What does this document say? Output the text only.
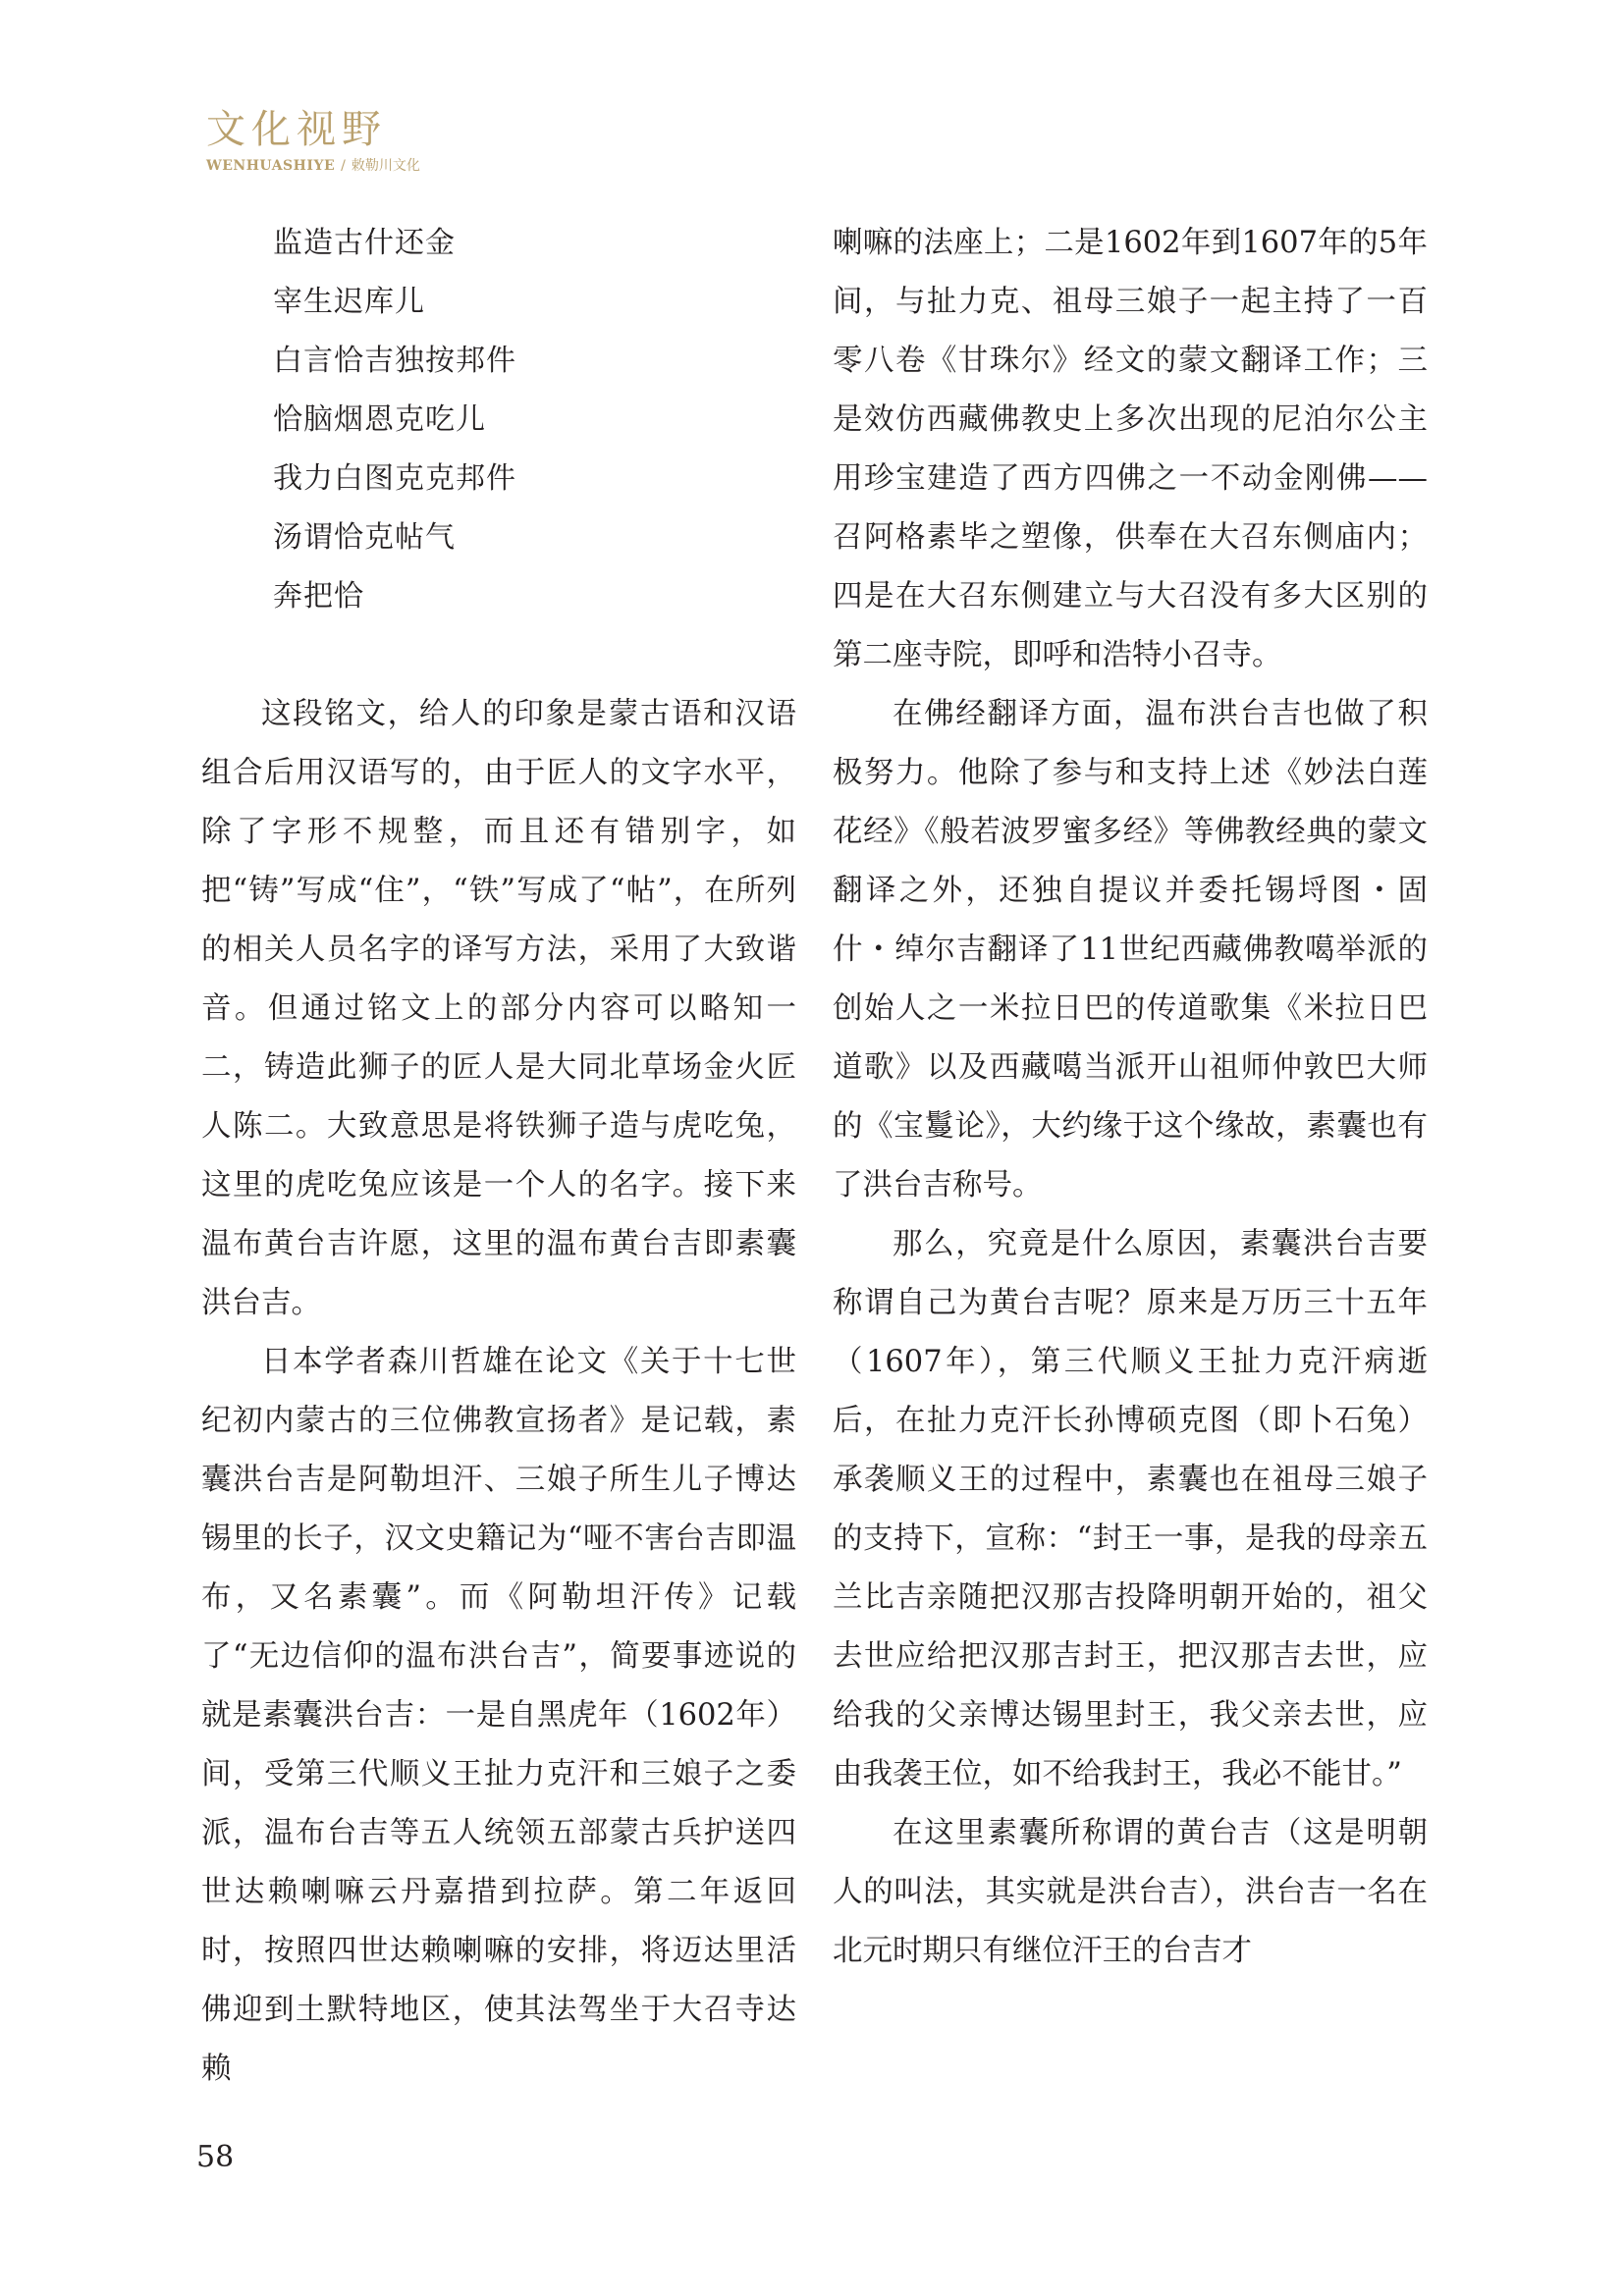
文化视野
WENHUASHIYE / 敕勒川文化

监造古什还金

宰生迟库儿

白言恰吉独按邦件

恰脑烟恩克吃儿

我力白图克克邦件

汤谓恰克帖气

奔把恰

这段铭文，给人的印象是蒙古语和汉语组合后用汉语写的，由于匠人的文字水平，除了字形不规整，而且还有错别字，如把“铸”写成“住”，“铁”写成了“帖”，在所列的相关人员名字的译写方法，采用了大致谐音。但通过铭文上的部分内容可以略知一二，铸造此狮子的匠人是大同北草场金火匠人陈二。大致意思是将铁狮子造与虎吃兔，这里的虎吃兔应该是一个人的名字。接下来温布黄台吉许愿，这里的温布黄台吉即素囊洪台吉。

日本学者森川哲雄在论文《关于十七世纪初内蒙古的三位佛教宣扬者》是记载，素囊洪台吉是阿勒坦汗、三娘子所生儿子博达锡里的长子，汉文史籍记为“哑不害台吉即温布，又名素囊”。而《阿勒坦汗传》记载了“无边信仰的温布洪台吉”，简要事迹说的就是素囊洪台吉：一是自黑虎年（1602年）间，受第三代顺义王扯力克汗和三娘子之委派，温布台吉等五人统领五部蒙古兵护送四世达赖喇嘛云丹嘉措到拉萨。第二年返回时，按照四世达赖喇嘛的安排，将迈达里活佛迎到土默特地区，使其法驾坐于大召寺达赖

喇嘛的法座上；二是1602年到1607年的5年间，与扯力克、祖母三娘子一起主持了一百零八卷《甘珠尔》经文的蒙文翻译工作；三是效仿西藏佛教史上多次出现的尼泊尔公主用珍宝建造了西方四佛之一不动金刚佛——召阿格素毕之塑像，供奉在大召东侧庙内；四是在大召东侧建立与大召没有多大区别的第二座寺院，即呼和浩特小召寺。

在佛经翻译方面，温布洪台吉也做了积极努力。他除了参与和支持上述《妙法白莲花经》《般若波罗蜜多经》等佛教经典的蒙文翻译之外，还独自提议并委托锡埒图・固什・绰尔吉翻译了11世纪西藏佛教噶举派的创始人之一米拉日巴的传道歌集《米拉日巴道歌》以及西藏噶当派开山祖师仲敦巴大师的《宝鬘论》，大约缘于这个缘故，素囊也有了洪台吉称号。

那么，究竟是什么原因，素囊洪台吉要称谓自己为黄台吉呢？原来是万历三十五年（1607年），第三代顺义王扯力克汗病逝后，在扯力克汗长孙博硕克图（即卜石兔）承袭顺义王的过程中，素囊也在祖母三娘子的支持下，宣称：“封王一事，是我的母亲五兰比吉亲随把汉那吉投降明朝开始的，祖父去世应给把汉那吉封王，把汉那吉去世，应给我的父亲博达锡里封王，我父亲去世，应由我袭王位，如不给我封王，我必不能甘。”

在这里素囊所称谓的黄台吉（这是明朝人的叫法，其实就是洪台吉），洪台吉一名在北元时期只有继位汗王的台吉才

58
